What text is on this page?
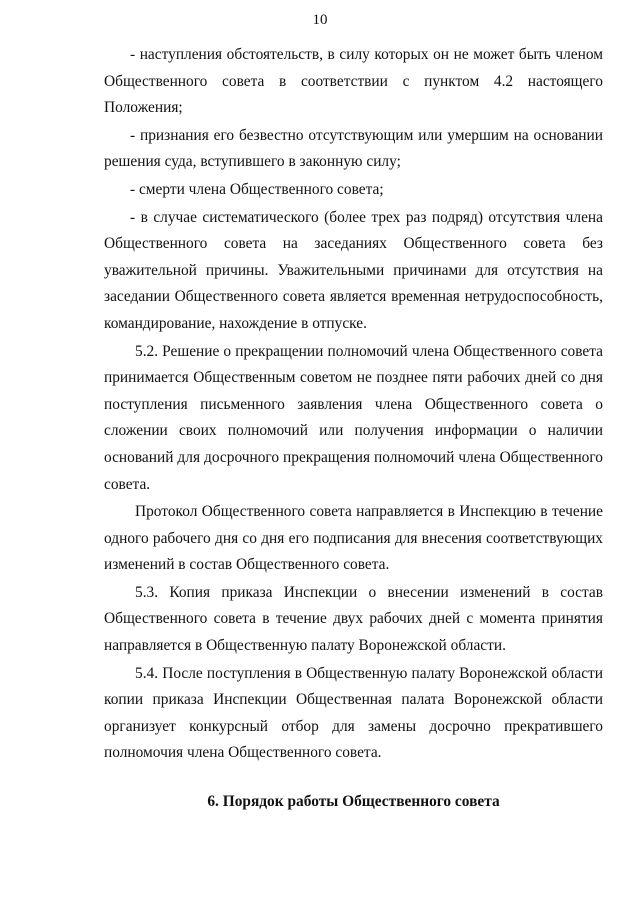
10

- наступления обстоятельств, в силу которых он не может быть членом Общественного совета в соответствии с пунктом 4.2 настоящего Положения;

- признания его безвестно отсутствующим или умершим на основании решения суда, вступившего в законную силу;

- смерти члена Общественного совета;

- в случае систематического (более трех раз подряд) отсутствия члена Общественного совета на заседаниях Общественного совета без уважительной причины. Уважительными причинами для отсутствия на заседании Общественного совета является временная нетрудоспособность, командирование, нахождение в отпуске.

5.2. Решение о прекращении полномочий члена Общественного совета принимается Общественным советом не позднее пяти рабочих дней со дня поступления письменного заявления члена Общественного совета о сложении своих полномочий или получения информации о наличии оснований для досрочного прекращения полномочий члена Общественного совета.

Протокол Общественного совета направляется в Инспекцию в течение одного рабочего дня со дня его подписания для внесения соответствующих изменений в состав Общественного совета.

5.3. Копия приказа Инспекции о внесении изменений в состав Общественного совета в течение двух рабочих дней с момента принятия направляется в Общественную палату Воронежской области.

5.4. После поступления в Общественную палату Воронежской области копии приказа Инспекции Общественная палата Воронежской области организует конкурсный отбор для замены досрочно прекратившего полномочия члена Общественного совета.

6. Порядок работы Общественного совета
